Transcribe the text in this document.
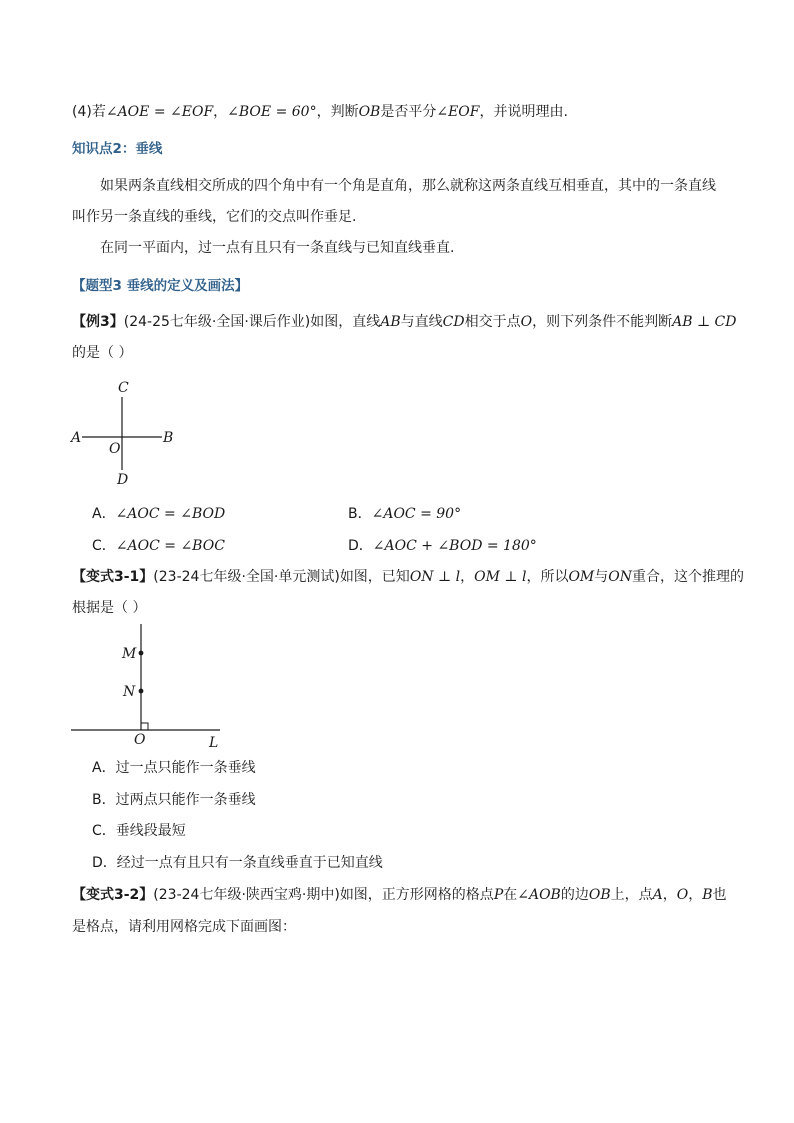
(4)若∠AOE = ∠EOF，∠BOE = 60°，判断OB是否平分∠EOF，并说明理由.
知识点2：垂线
如果两条直线相交所成的四个角中有一个角是直角，那么就称这两条直线互相垂直，其中的一条直线
叫作另一条直线的垂线，它们的交点叫作垂足.
在同一平面内，过一点有且只有一条直线与已知直线垂直.
【题型3 垂线的定义及画法】
【例3】(24-25七年级·全国·课后作业)如图，直线AB与直线CD相交于点O，则下列条件不能判断AB ⊥ CD
的是（ ）
C
A
O
B
D
A．∠AOC = ∠BOD	B．∠AOC = 90°
C．∠AOC = ∠BOC	D．∠AOC + ∠BOD = 180°
【变式3-1】(23-24七年级·全国·单元测试)如图，已知ON ⊥ l，OM ⊥ l，所以OM与ON重合，这个推理的
根据是（ ）
M
N
O	L
A．过一点只能作一条垂线
B．过两点只能作一条垂线
C．垂线段最短
D．经过一点有且只有一条直线垂直于已知直线
【变式3-2】(23-24七年级·陕西宝鸡·期中)如图，正方形网格的格点P在∠AOB的边OB上，点A，O，B也
是格点，请利用网格完成下面画图：
